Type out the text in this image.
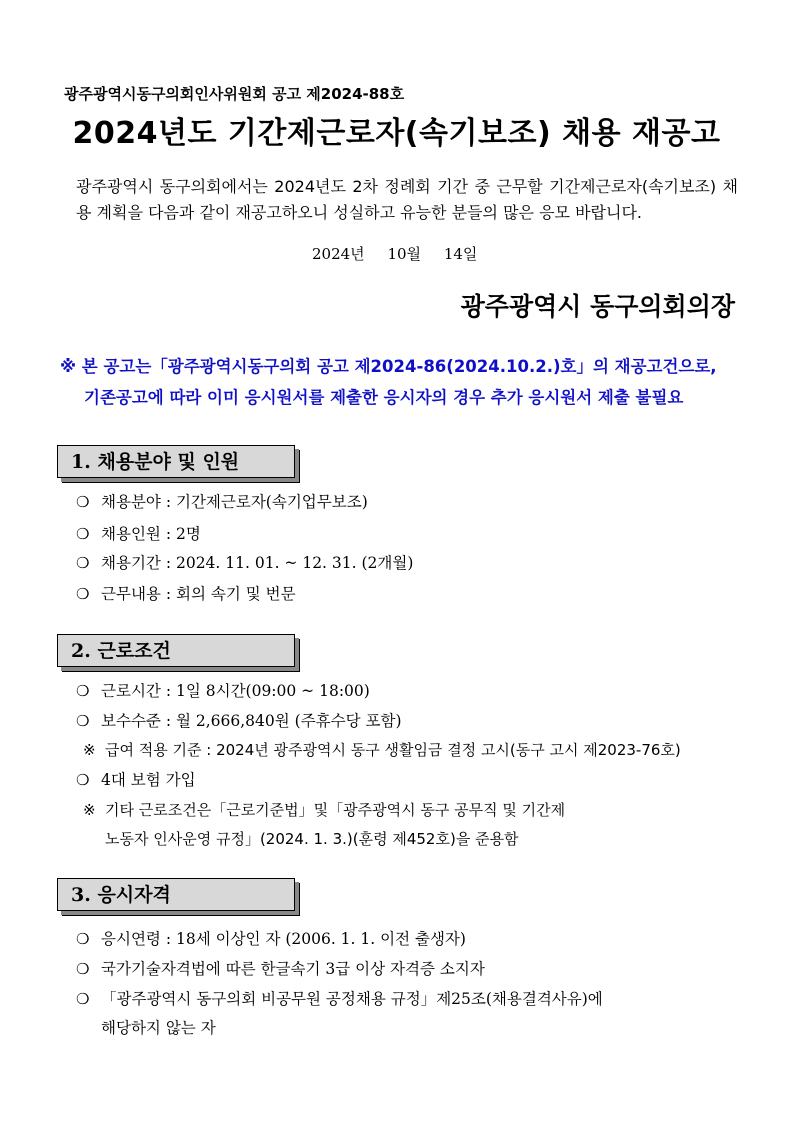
광주광역시동구의회인사위원회 공고 제2024-88호
2024년도 기간제근로자(속기보조) 채용 재공고
광주광역시 동구의회에서는 2024년도 2차 정례회 기간 중 근무할 기간제근로자(속기보조) 채용 계획을 다음과 같이 재공고하오니 성실하고 유능한 분들의 많은 응모 바랍니다.
2024년 10월 14일
광주광역시 동구의회의장
※ 본 공고는「광주광역시동구의회 공고 제2024-86(2024.10.2.)호」의 재공고건으로,
기존공고에 따라 이미 응시원서를 제출한 응시자의 경우 추가 응시원서 제출 불필요
1. 채용분야 및 인원
❍ 채용분야 : 기간제근로자(속기업무보조)
❍ 채용인원 : 2명
❍ 채용기간 : 2024. 11. 01. ~ 12. 31. (2개월)
❍ 근무내용 : 회의 속기 및 번문
2. 근로조건
❍ 근로시간 : 1일 8시간(09:00 ~ 18:00)
❍ 보수수준 : 월 2,666,840원 (주휴수당 포함)
※ 급여 적용 기준 : 2024년 광주광역시 동구 생활임금 결정 고시(동구 고시 제2023-76호)
❍ 4대 보험 가입
※ 기타 근로조건은「근로기준법」및「광주광역시 동구 공무직 및 기간제
노동자 인사운영 규정」(2024. 1. 3.)(훈령 제452호)을 준용함
3. 응시자격
❍ 응시연령 : 18세 이상인 자 (2006. 1. 1. 이전 출생자)
❍ 국가기술자격법에 따른 한글속기 3급 이상 자격증 소지자
❍ 「광주광역시 동구의회 비공무원 공정채용 규정」제25조(채용결격사유)에
해당하지 않는 자
